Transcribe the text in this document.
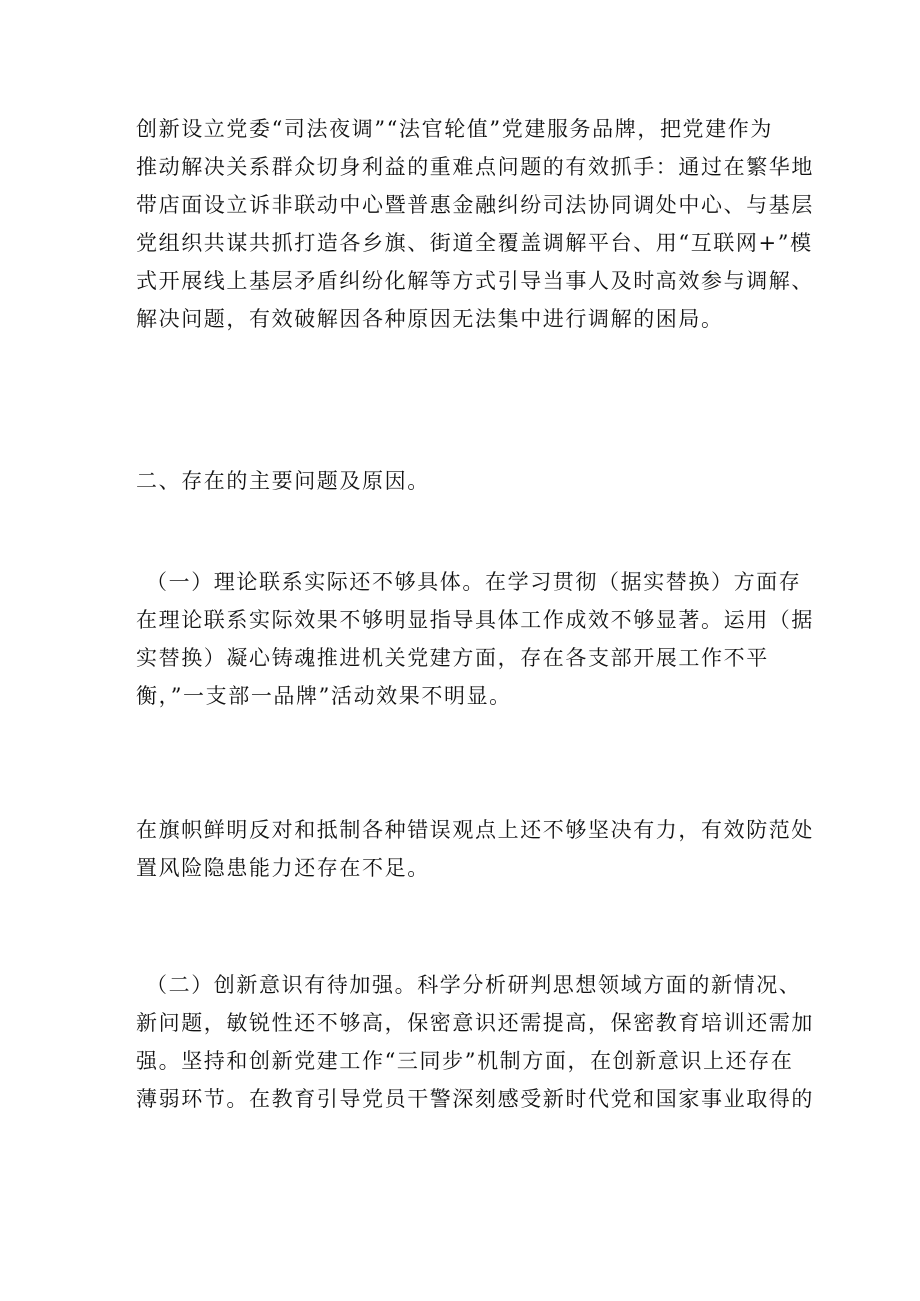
创新设立党委“司法夜调”“法官轮值”党建服务品牌，把党建作为
推动解决关系群众切身利益的重难点问题的有效抓手：通过在繁华地
带店面设立诉非联动中心暨普惠金融纠纷司法协同调处中心、与基层
党组织共谋共抓打造各乡旗、街道全覆盖调解平台、用“互联网+”模
式开展线上基层矛盾纠纷化解等方式引导当事人及时高效参与调解、
解决问题，有效破解因各种原因无法集中进行调解的困局。
二、存在的主要问题及原因。
（一）理论联系实际还不够具体。在学习贯彻（据实替换）方面存
在理论联系实际效果不够明显指导具体工作成效不够显著。运用（据
实替换）凝心铸魂推进机关党建方面，存在各支部开展工作不平
衡，”一支部一品牌”活动效果不明显。
在旗帜鲜明反对和抵制各种错误观点上还不够坚决有力，有效防范处
置风险隐患能力还存在不足。
（二）创新意识有待加强。科学分析研判思想领域方面的新情况、
新问题，敏锐性还不够高，保密意识还需提高，保密教育培训还需加
强。坚持和创新党建工作“三同步”机制方面，在创新意识上还存在
薄弱环节。在教育引导党员干警深刻感受新时代党和国家事业取得的
